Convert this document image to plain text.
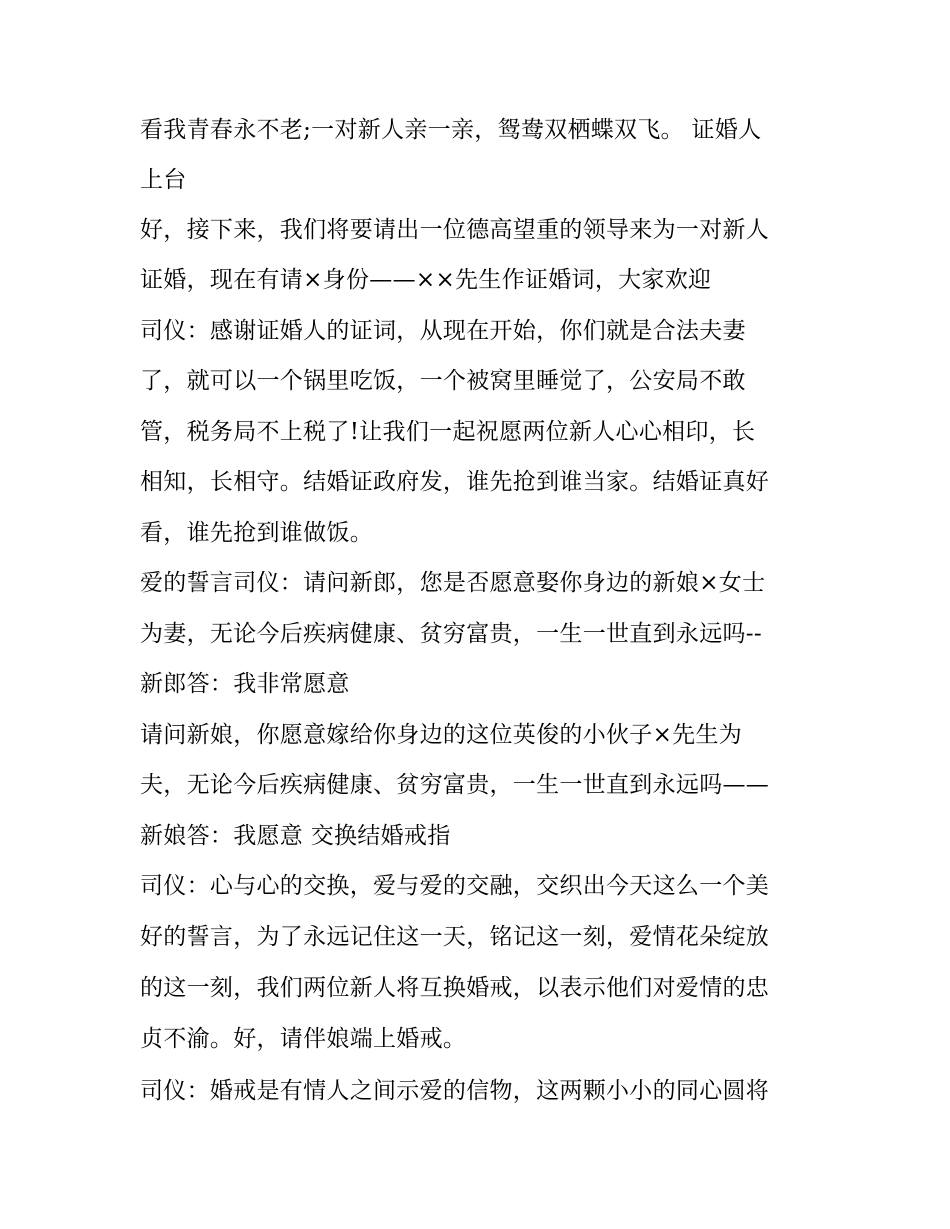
看我青春永不老;一对新人亲一亲，鸳鸯双栖蝶双飞。 证婚人
上台
好，接下来，我们将要请出一位德高望重的领导来为一对新人
证婚，现在有请×身份——××先生作证婚词，大家欢迎
司仪：感谢证婚人的证词，从现在开始，你们就是合法夫妻
了，就可以一个锅里吃饭，一个被窝里睡觉了，公安局不敢
管，税务局不上税了!让我们一起祝愿两位新人心心相印，长
相知，长相守。结婚证政府发，谁先抢到谁当家。结婚证真好
看，谁先抢到谁做饭。
爱的誓言司仪：请问新郎，您是否愿意娶你身边的新娘×女士
为妻，无论今后疾病健康、贫穷富贵，一生一世直到永远吗--
新郎答：我非常愿意
请问新娘，你愿意嫁给你身边的这位英俊的小伙子×先生为
夫，无论今后疾病健康、贫穷富贵，一生一世直到永远吗——
新娘答：我愿意 交换结婚戒指
司仪：心与心的交换，爱与爱的交融，交织出今天这么一个美
好的誓言，为了永远记住这一天，铭记这一刻，爱情花朵绽放
的这一刻，我们两位新人将互换婚戒，以表示他们对爱情的忠
贞不渝。好，请伴娘端上婚戒。
司仪：婚戒是有情人之间示爱的信物，这两颗小小的同心圆将
